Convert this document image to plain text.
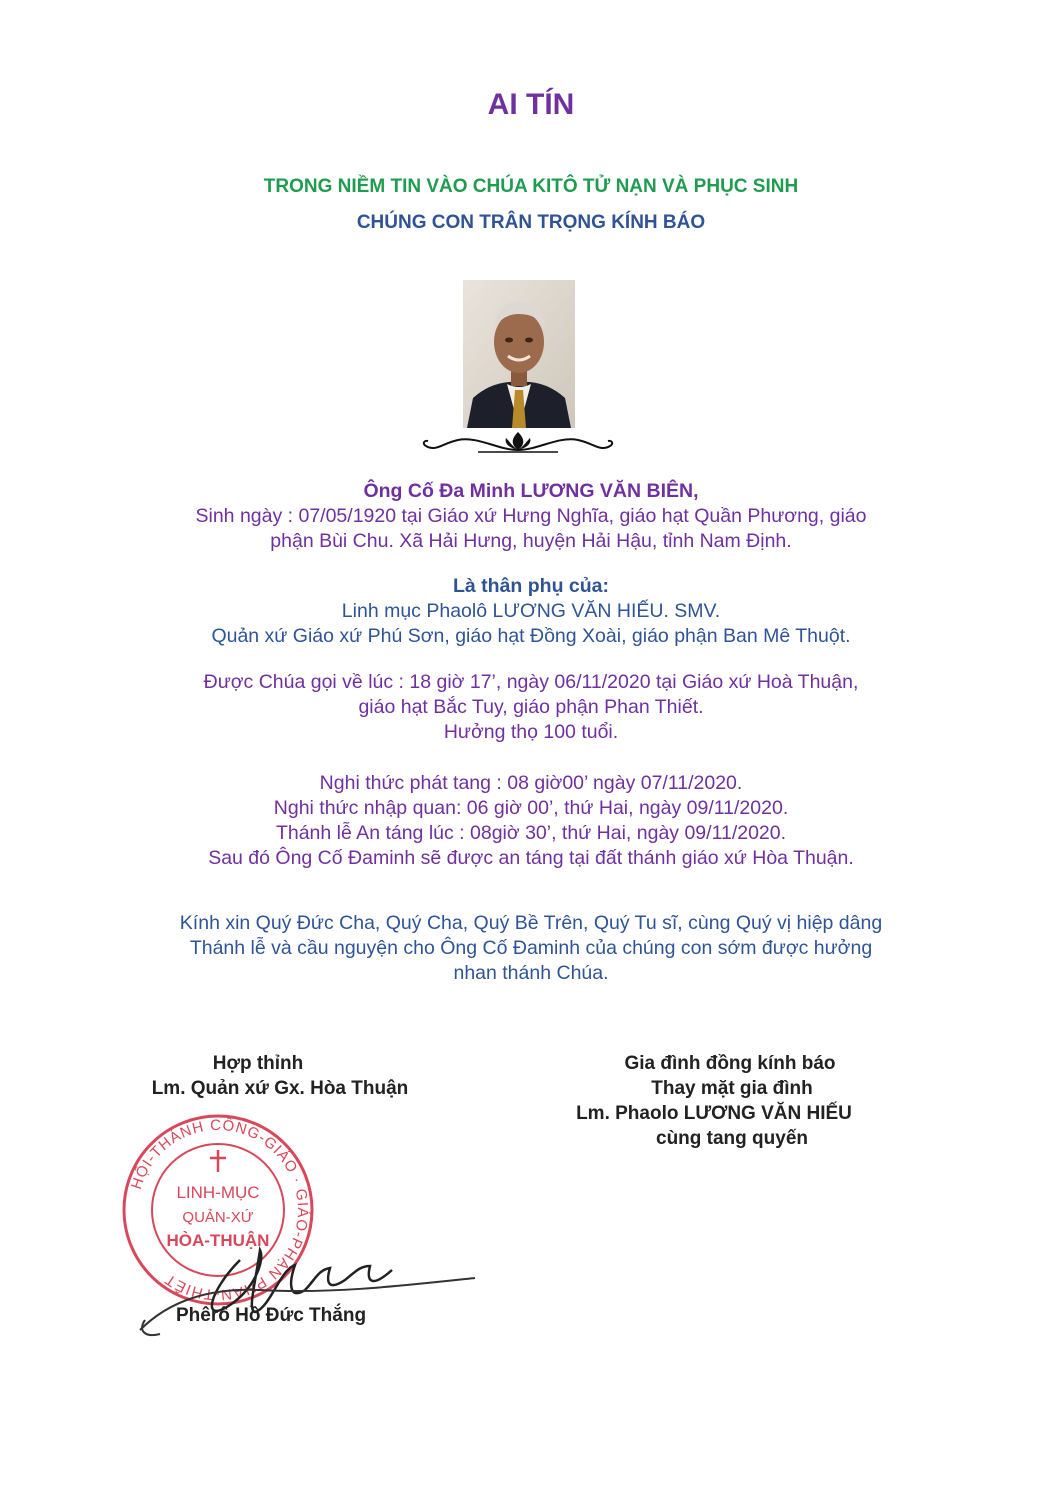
AI TÍN
TRONG NIỀM TIN VÀO CHÚA KITÔ TỬ NẠN VÀ PHỤC SINH
CHÚNG CON TRÂN TRỌNG KÍNH BÁO
Ông Cố Đa Minh LƯƠNG VĂN BIÊN,
Sinh ngày : 07/05/1920 tại Giáo xứ Hưng Nghĩa, giáo hạt Quần Phương, giáo
phận Bùi Chu. Xã Hải Hưng, huyện Hải Hậu, tỉnh Nam Định.
Là thân phụ của:
Linh mục Phaolô LƯƠNG VĂN HIẾU. SMV.
Quản xứ Giáo xứ Phú Sơn, giáo hạt Đồng Xoài, giáo phận Ban Mê Thuột.
Được Chúa gọi về lúc : 18 giờ 17’, ngày 06/11/2020 tại Giáo xứ Hoà Thuận,
giáo hạt Bắc Tuy, giáo phận Phan Thiết.
Hưởng thọ 100 tuổi.
Nghi thức phát tang : 08 giờ00’ ngày 07/11/2020.
Nghi thức nhập quan: 06 giờ 00’, thứ Hai, ngày 09/11/2020.
Thánh lễ An táng lúc : 08giờ 30’, thứ Hai, ngày 09/11/2020.
Sau đó Ông Cố Đaminh sẽ được an táng tại đất thánh giáo xứ Hòa Thuận.
Kính xin Quý Đức Cha, Quý Cha, Quý Bề Trên, Quý Tu sĩ, cùng Quý vị hiệp dâng
Thánh lễ và cầu nguyện cho Ông Cố Đaminh của chúng con sớm được hưởng
nhan thánh Chúa.
Hợp thỉnh
Lm. Quản xứ Gx. Hòa Thuận
HỘI-THÁNH CÔNG-GIÁO · GIÁO-PHẬN PHAN-THIẾT
LINH-MỤC
QUẢN-XỨ
HÒA-THUẬN
Phêrô Hồ Đức Thắng
Gia đình đồng kính báo
Thay mặt gia đình
Lm. Phaolo LƯƠNG VĂN HIẾU
cùng tang quyến
